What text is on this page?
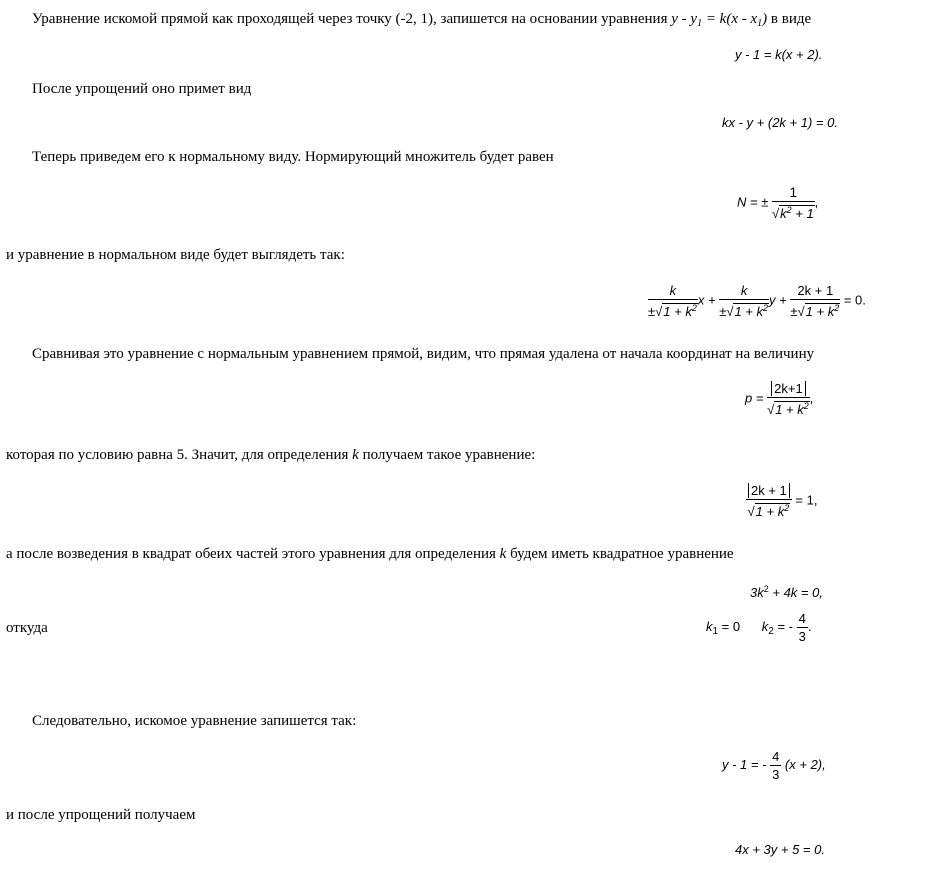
Уравнение искомой прямой как проходящей через точку (-2, 1), запишется на основании уравнения $y - y_1 = k(x - x_1)$ в виде
y - 1 = k(x + 2).
После упрощений оно примет вид
kx - y + (2k + 1) = 0.
Теперь приведем его к нормальному виду. Нормирующий множитель будет равен
N = ± $\frac{1}{√k^2 + 1}$ ,
и уравнение в нормальном виде будет выглядеть так:
$\frac{k}{\pm√1 + k^2}$ $x + \frac{k}{\pm√1 + k^2}$ $y + \frac{2k + 1}{\pm√1 + k^2} = 0$.
Сравнивая это уравнение с нормальным уравнением прямой, видим, что прямая удалена от начала координат на величину
$p = \frac{2k+1}{√1 + k^2}$ ,
которая по условию равна 5. Значит, для определения k получаем такое уравнение:
$\frac{2k + 1}{√1 + k^2} = 1$,
а после возведения в квадрат обеих частей этого уравнения для определения k будем иметь квадратное уравнение
$3k^2 + 4k = 0$,
откуда	$k_1 = 0$ $k_2$ = - $\frac{4}{3}$ .
Следовательно, искомое уравнение запишется так:
y - 1 = - $\frac{4}{3} (x + 2)$,
и после упрощений получаем
4x + 3y + 5 = 0.
